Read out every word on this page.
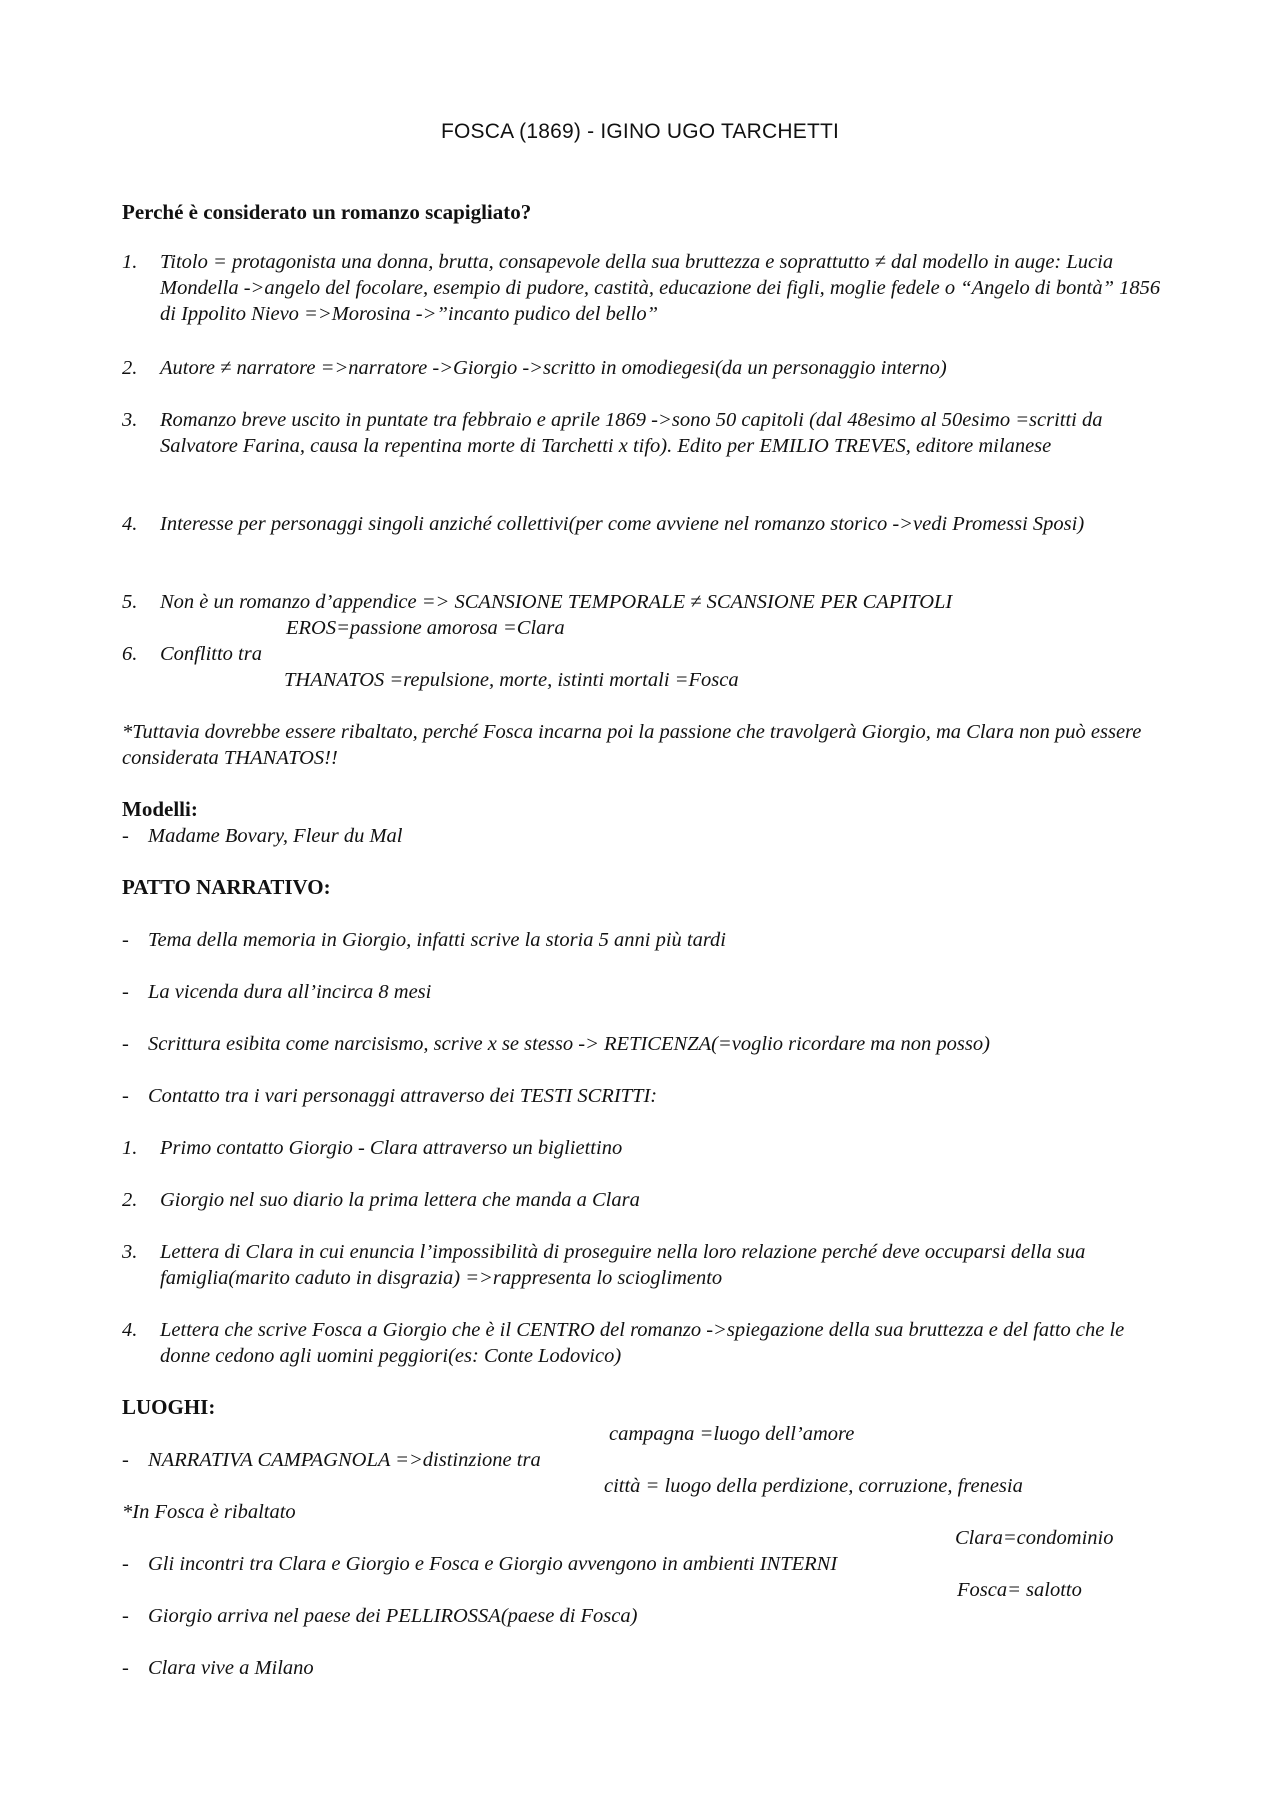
FOSCA (1869) - IGINO UGO TARCHETTI
Perché è considerato un romanzo scapigliato?
1. Titolo = protagonista una donna, brutta, consapevole della sua bruttezza e soprattutto ≠ dal modello in auge: Lucia Mondella ->angelo del focolare, esempio di pudore, castità, educazione dei figli, moglie fedele o “Angelo di bontà” 1856 di Ippolito Nievo =>Morosina ->”incanto pudico del bello”
2. Autore ≠ narratore =>narratore ->Giorgio ->scritto in omodiegesi(da un personaggio interno)
3. Romanzo breve uscito in puntate tra febbraio e aprile 1869 ->sono 50 capitoli (dal 48esimo al 50esimo =scritti da Salvatore Farina, causa la repentina morte di Tarchetti x tifo). Edito per EMILIO TREVES, editore milanese
4. Interesse per personaggi singoli anziché collettivi(per come avviene nel romanzo storico ->vedi Promessi Sposi)
5. Non è un romanzo d’appendice => SCANSIONE TEMPORALE ≠ SCANSIONE PER CAPITOLI
EROS=passione amorosa =Clara
6. Conflitto tra
THANATOS =repulsione, morte, istinti mortali =Fosca
*Tuttavia dovrebbe essere ribaltato, perché Fosca incarna poi la passione che travolgerà Giorgio, ma Clara non può essere considerata THANATOS!!
Modelli:
- Madame Bovary, Fleur du Mal
PATTO NARRATIVO:
- Tema della memoria in Giorgio, infatti scrive la storia 5 anni più tardi
- La vicenda dura all’incirca 8 mesi
- Scrittura esibita come narcisismo, scrive x se stesso -> RETICENZA(=voglio ricordare ma non posso)
- Contatto tra i vari personaggi attraverso dei TESTI SCRITTI:
1. Primo contatto Giorgio - Clara attraverso un bigliettino
2. Giorgio nel suo diario la prima lettera che manda a Clara
3. Lettera di Clara in cui enuncia l’impossibilità di proseguire nella loro relazione perché deve occuparsi della sua famiglia(marito caduto in disgrazia) =>rappresenta lo scioglimento
4. Lettera che scrive Fosca a Giorgio che è il CENTRO del romanzo ->spiegazione della sua bruttezza e del fatto che le donne cedono agli uomini peggiori(es: Conte Lodovico)
LUOGHI:
campagna =luogo dell’amore
- NARRATIVA CAMPAGNOLA =>distinzione tra
città = luogo della perdizione, corruzione, frenesia
*In Fosca è ribaltato
Clara=condominio
- Gli incontri tra Clara e Giorgio e Fosca e Giorgio avvengono in ambienti INTERNI
Fosca= salotto
- Giorgio arriva nel paese dei PELLIROSSA(paese di Fosca)
- Clara vive a Milano
